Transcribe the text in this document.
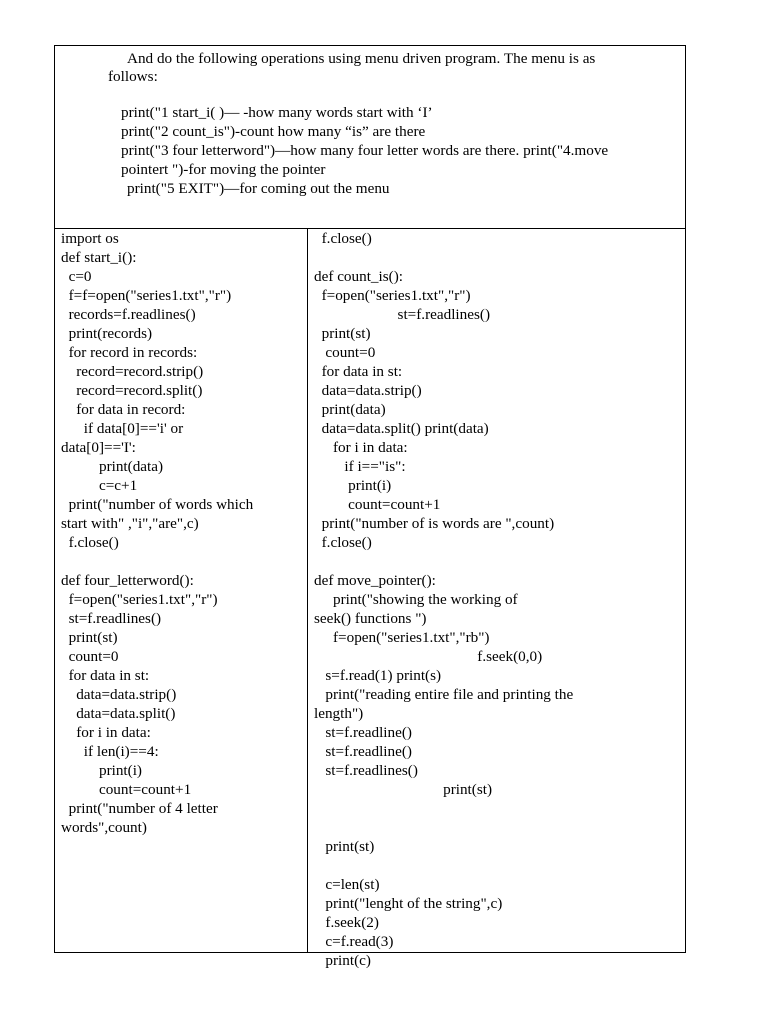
And do the following operations using menu driven program. The menu is as
follows:
print("1 start_i( )— -how many words start with ‘I’
print("2 count_is")-count how many “is” are there
print("3 four letterword")—how many four letter words are there. print("4.move
pointert ")-for moving the pointer
print("5 EXIT")—for coming out the menu
import os
def start_i():
c=0
f=f=open("series1.txt","r")
records=f.readlines()
print(records)
for record in records:
record=record.strip()
record=record.split()
for data in record:
if data[0]=='i' or
data[0]=='I':
print(data)
c=c+1
print("number of words which
start with" ,"i","are",c)
f.close()
def four_letterword():
f=open("series1.txt","r")
st=f.readlines()
print(st)
count=0
for data in st:
data=data.strip()
data=data.split()
for i in data:
if len(i)==4:
print(i)
count=count+1
print("number of 4 letter
words",count)
f.close()
def count_is():
f=open("series1.txt","r")
st=f.readlines()
print(st)
count=0
for data in st:
data=data.strip()
print(data)
data=data.split() print(data)
for i in data:
if i=="is":
print(i)
count=count+1
print("number of is words are ",count)
f.close()
def move_pointer():
print("showing the working of
seek() functions ")
f=open("series1.txt","rb")
f.seek(0,0)
s=f.read(1) print(s)
print("reading entire file and printing the
length")
st=f.readline()
st=f.readline()
st=f.readlines()
print(st)
print(st)
c=len(st)
print("lenght of the string",c)
f.seek(2)
c=f.read(3)
print(c)
